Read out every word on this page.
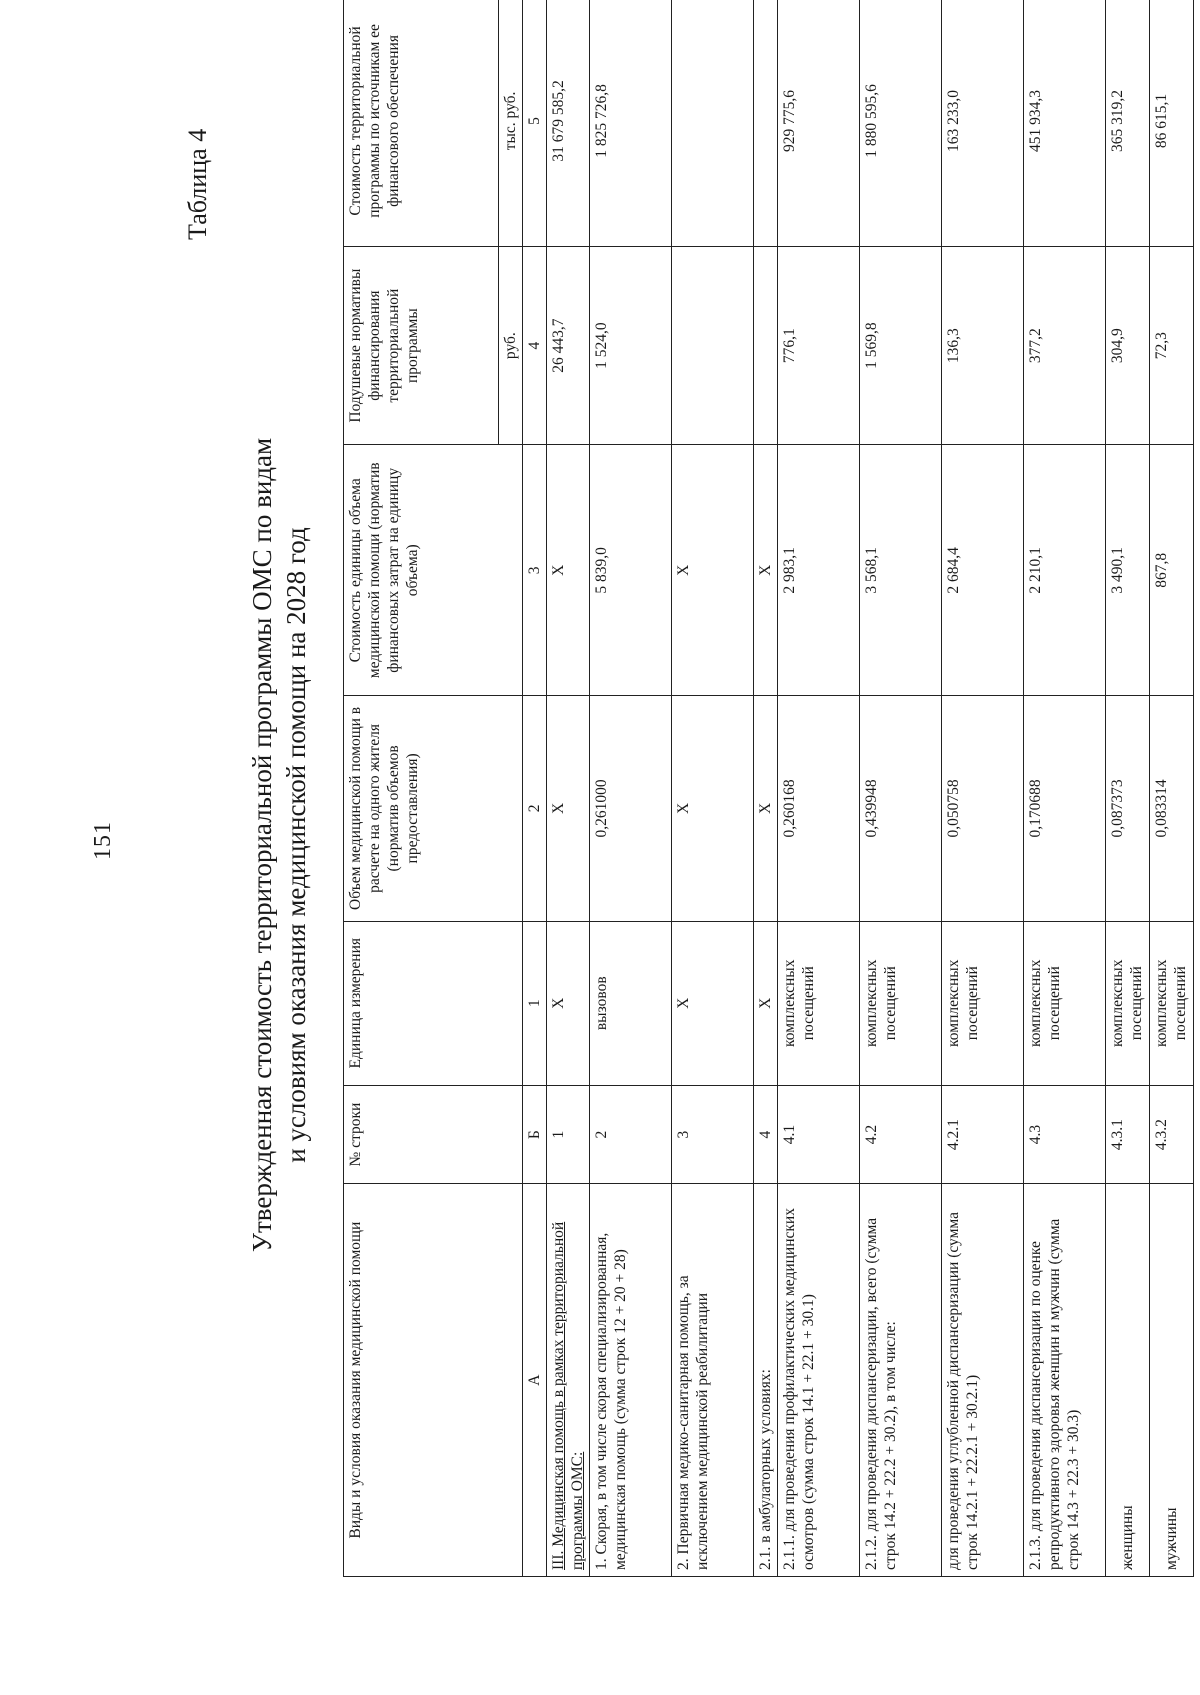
151
Таблица 4
Утвержденная стоимость территориальной программы ОМС по видам и условиям оказания медицинской помощи на 2028 год
Виды и условия оказания медицинской помощи	№ строки	Единица измерения	Объем медицинской помощи в расчете на одного жителя (норматив объемов предоставления)	Стоимость единицы объема медицинской помощи (норматив финансовых затрат на единицу объема)	Подушевые нормативы финансирования территориальной программы	Стоимость территориальной программы по источникам ее финансового обеспечения
					руб.	тыс. руб.
А	Б	1	2	3	4	5
III. Медицинская помощь в рамках территориальной программы ОМС:	1	X	X	X	26 443,7	31 679 585,2
1. Скорая, в том числе скорая специализированная, медицинская помощь (сумма строк 12 + 20 + 28)	2	вызовов	0,261000	5 839,0	1 524,0	1 825 726,8
2. Первичная медико-санитарная помощь, за исключением медицинской реабилитации	3	X	X	X		
2.1. в амбулаторных условиях:	4	X	X	X		
2.1.1. для проведения профилактических медицинских осмотров (сумма строк 14.1 + 22.1 + 30.1)	4.1	комплексных посещений	0,260168	2 983,1	776,1	929 775,6
2.1.2. для проведения диспансеризации, всего (сумма строк 14.2 + 22.2 + 30.2), в том числе:	4.2	комплексных посещений	0,439948	3 568,1	1 569,8	1 880 595,6
для проведения углубленной диспансеризации (сумма строк 14.2.1 + 22.2.1 + 30.2.1)	4.2.1	комплексных посещений	0,050758	2 684,4	136,3	163 233,0
2.1.3. для проведения диспансеризации по оценке репродуктивного здоровья женщин и мужчин (сумма строк 14.3 + 22.3 + 30.3)	4.3	комплексных посещений	0,170688	2 210,1	377,2	451 934,3
женщины	4.3.1	комплексных посещений	0,087373	3 490,1	304,9	365 319,2
мужчины	4.3.2	комплексных посещений	0,083314	867,8	72,3	86 615,1
